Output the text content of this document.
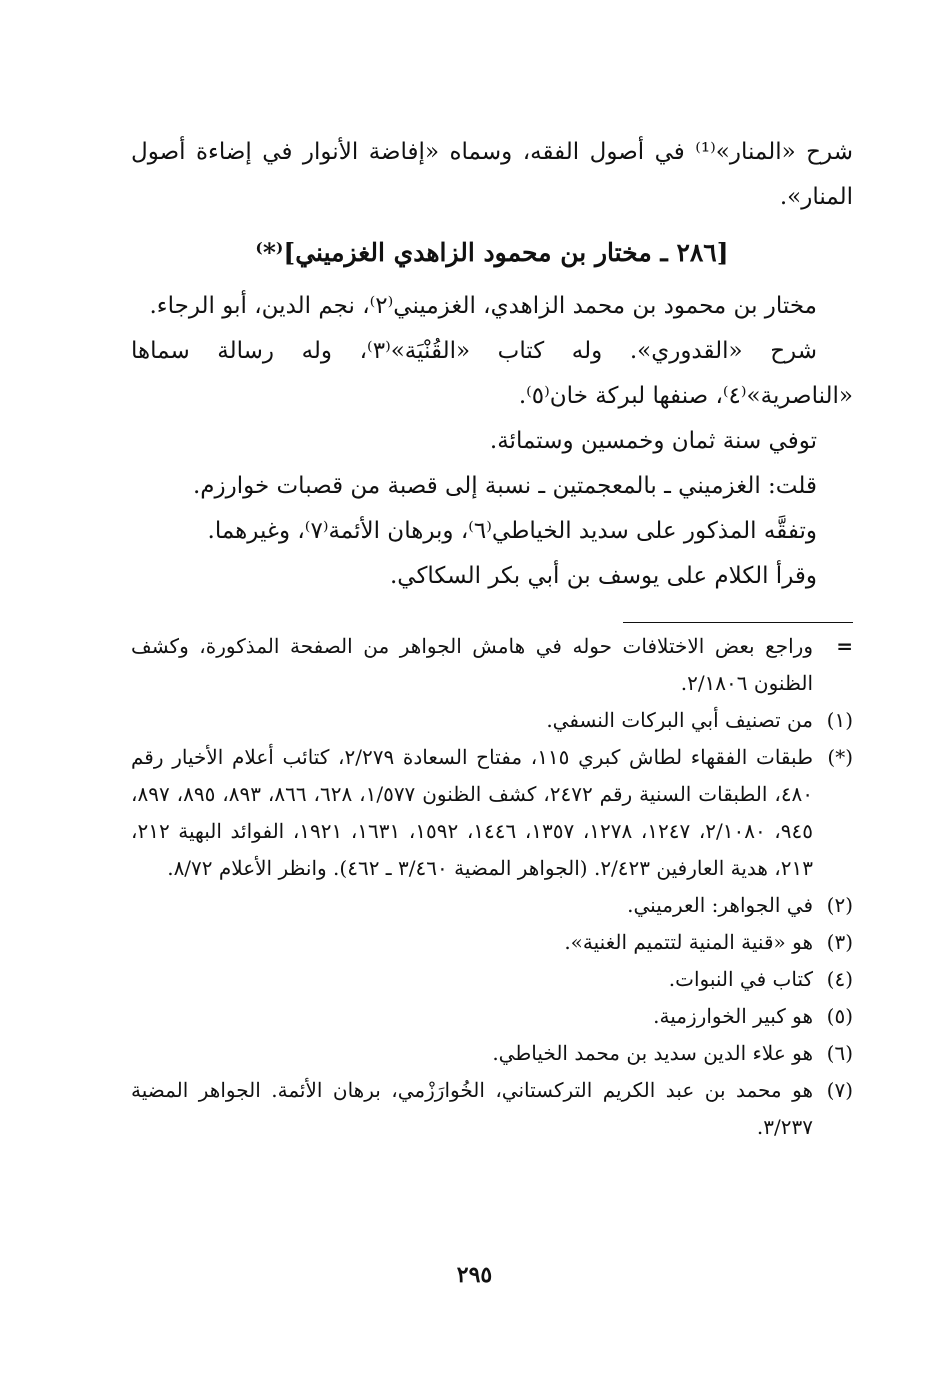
شرح «المنار»⁽¹⁾ في أصول الفقه، وسماه «إفاضة الأنوار في إضاءة أصول المنار».

[٢٨٦ ـ مختار بن محمود الزاهدي الغزميني]⁽*⁾

مختار بن محمود بن محمد الزاهدي، الغزميني⁽٢⁾، نجم الدين، أبو الرجاء.

شرح «القدوري». وله كتاب «القُنْيَة»⁽٣⁾، وله رسالة سماها «الناصرية»⁽٤⁾، صنفها لبركة خان⁽٥⁾.

توفي سنة ثمان وخمسين وستمائة.

قلت: الغزميني ـ بالمعجمتين ـ نسبة إلى قصبة من قصبات خوارزم.

وتفقَّه المذكور على سديد الخياطي⁽٦⁾، وبرهان الأئمة⁽٧⁾، وغيرهما.

وقرأ الكلام على يوسف بن أبي بكر السكاكي.

=وراجع بعض الاختلافات حوله في هامش الجواهر من الصفحة المذكورة، وكشف الظنون ٢/١٨٠٦.

(١)من تصنيف أبي البركات النسفي.

(*)طبقات الفقهاء لطاش كبري ١١٥، مفتاح السعادة ٢/٢٧٩، كتائب أعلام الأخيار رقم ٤٨٠، الطبقات السنية رقم ٢٤٧٢، كشف الظنون ١/٥٧٧، ٦٢٨، ٨٦٦، ٨٩٣، ٨٩٥، ٨٩٧، ٩٤٥، ٢/١٠٨٠، ١٢٤٧، ١٢٧٨، ١٣٥٧، ١٤٤٦، ١٥٩٢، ١٦٣١، ١٩٢١، الفوائد البهية ٢١٢، ٢١٣، هدية العارفين ٢/٤٢٣. (الجواهر المضية ٣/٤٦٠ ـ ٤٦٢). وانظر الأعلام ٨/٧٢.

(٢)في الجواهر: العرميني.

(٣)هو «قنية المنية لتتميم الغنية».

(٤)كتاب في النبوات.

(٥)هو كبير الخوارزمية.

(٦)هو علاء الدين سديد بن محمد الخياطي.

(٧)هو محمد بن عبد الكريم التركستاني، الخُوارَزْمي، برهان الأئمة. الجواهر المضية ٣/٢٣٧.

٢٩٥
